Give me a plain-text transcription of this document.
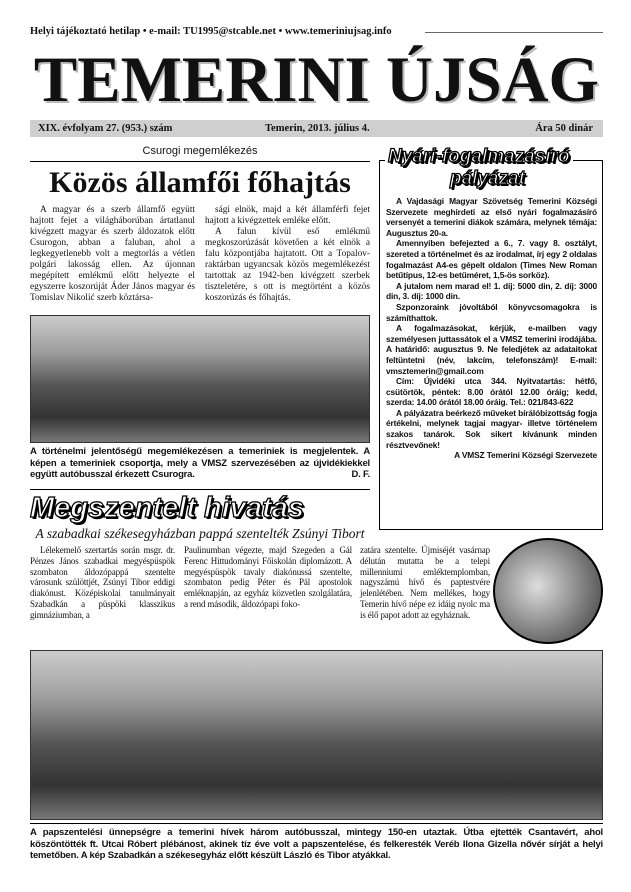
Helyi tájékoztató hetilap • e-mail: TU1995@stcable.net • www.temeriniujsag.info
TEMERINI ÚJSÁG
XIX. évfolyam 27. (953.) szám	Temerin, 2013. július 4.	Ára 50 dinár
Csurogi megemlékezés
Közös államfői főhajtás
A magyar és a szerb államfő együtt hajtott fejet a világháborúban ártatlanul kivégzett magyar és szerb áldozatok előtt Csurogon, abban a faluban, ahol a legkegyetlenebb volt a megtorlás a vétlen polgári lakosság ellen. Az újonnan megépített emlékmű előtt helyezte el egyszerre koszorúját Áder János magyar és Tomislav Nikolić szerb köztársa-

sági elnök, majd a két államférfi fejet hajtott a kivégzettek emléke előtt.

A falun kívül eső emlékmű megkoszorúzását követően a két elnök a falu központjába hajtatott. Ott a Topalov-raktárban ugyancsak közös megemlékezést tartottak az 1942-ben kivégzett szerbek tiszteletére, s ott is megtörtént a közös koszorúzás és főhajtás.

A történelmi jelentőségű megemlékezésen a temeriniek is megjelentek. A képen a temeriniek csoportja, mely a VMSZ szervezésében az újvidékiekkel együtt autóbusszal érkezett Csurogra.	D. F.
Megszentelt hivatás
A szabadkai székesegyházban pappá szentelték Zsúnyi Tibort
Nyári-fogalmazásíró
pályázat

A Vajdasági Magyar Szövetség Temerini Községi Szervezete meghirdeti az első nyári fogalmazásíró versenyét a temerini diákok számára, melynek témája: Augusztus 20-a.

Amennyiben befejezted a 6., 7. vagy 8. osztályt, szereted a történelmet és az irodalmat, írj egy 2 oldalas fogalmazást A4-es gépelt oldalon (Times New Roman betűtípus, 12-es betűméret, 1,5-ös sorköz).

A jutalom nem marad el! 1. díj: 5000 din, 2. díj: 3000 din, 3. díj: 1000 din.

Szponzoraink jóvoltából könyvcsomagokra is számíthattok.

A fogalmazásokat, kérjük, e-mailben vagy személyesen juttassátok el a VMSZ temerini irodájába. A határidő: augusztus 9. Ne feledjétek az adataitokat feltüntetni (név, lakcím, telefonszám)! E-mail: vmsztemerin@gmail.com

Cím: Újvidéki utca 344. Nyitvatartás: hétfő, csütörtök, péntek: 8.00 órától 12.00 óráig; kedd, szerda: 14.00 órától 18.00 óráig. Tel.: 021/843-622

A pályázatra beérkező műveket bírálóbizottság fogja értékelni, melynek tagjai magyar- illetve történelem szakos tanárok. Sok sikert kívánunk minden résztvevőnek!

A VMSZ Temerini Községi Szervezete

Lélekemelő szertartás során msgr. dr. Pénzes János szabadkai megyéspüspök szombaton áldozópappá szentelte városunk szülöttjét, Zsúnyi Tibor eddigi diakónust. Középiskolai tanulmányait Szabadkán a püspöki klasszikus gimnáziumban, a
Paulinumban végezte, majd Szegeden a Gál Ferenc Hittudományi Főiskolán diplomázott. A megyéspüspök tavaly diakónussá szentelte, szombaton pedig Péter és Pál apostolok emléknapján, az egyház közvetlen szolgálatára, a rend második, áldozópapi foko-
zatára szentelte. Újmiséjét vasárnap délután mutatta be a telepi millenniumi emléktemplomban, nagyszámú hívő és paptestvére jelenlétében. Nem mellékes, hogy Temerin hívő népe ez idáig nyolc ma is élő papot adott az egyháznak.
A papszentelési ünnepségre a temerini hívek három autóbusszal, mintegy 150-en utaztak. Útba ejtették Csantavért, ahol köszöntötték ft. Utcai Róbert plébánost, akinek tíz éve volt a papszentelése, és felkeresték Veréb Ilona Gizella nővér sírját a helyi temetőben. A kép Szabadkán a székesegyház előtt készült László és Tibor atyákkal.
